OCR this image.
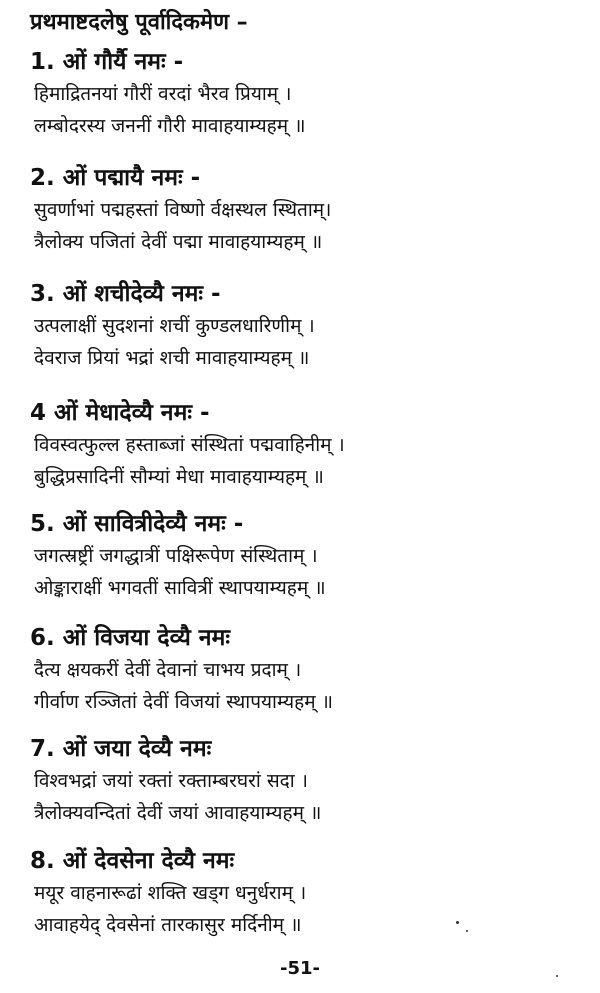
प्रथमाष्टदलेषु पूर्वादिकमेण –

1. ओं गौर्यै नमः -

हिमाद्रितनयां गौरीं वरदां भैरव प्रियाम् ।

लम्बोदरस्य जननीं गौरी मावाहयाम्यहम् ॥

2. ओं पद्मायै नमः -

सुवर्णाभां पद्महस्तां विष्णो र्वक्षस्थल स्थिताम्।

त्रैलोक्य पजितां देवीं पद्मा मावाहयाम्यहम् ॥

3. ओं शचीदेव्यै नमः -

उत्पलाक्षीं सुदशनां शचीं कुण्डलधारिणीम् ।

देवराज प्रियां भद्रां शची मावाहयाम्यहम् ॥

4 ओं मेधादेव्यै नमः -

विवस्वत्फुल्ल हस्ताब्जां संस्थितां पद्मवाहिनीम् ।

बुद्धिप्रसादिनीं सौम्यां मेधा मावाहयाम्यहम् ॥

5. ओं सावित्रीदेव्यै नमः -

जगत्स्रष्ट्रीं जगद्धात्रीं पक्षिरूपेण संस्थिताम् ।

ओङ्काराक्षीं भगवतीं सावित्रीं स्थापयाम्यहम् ॥

6. ओं विजया देव्यै नमः

दैत्य क्षयकरीं देवीं देवानां चाभय प्रदाम् ।

गीर्वाण रञ्जितां देवीं विजयां स्थापयाम्यहम् ॥

7. ओं जया देव्यै नमः

विश्वभद्रां जयां रक्तां रक्ताम्बरघरां सदा ।

त्रैलोक्यवन्दितां देवीं जयां आवाहयाम्यहम् ॥

8. ओं देवसेना देव्यै नमः

मयूर वाहनारूढां शक्ति खड्ग धनुर्धराम् ।

आवाहयेद् देवसेनां तारकासुर मर्दिनीम् ॥

-51-
